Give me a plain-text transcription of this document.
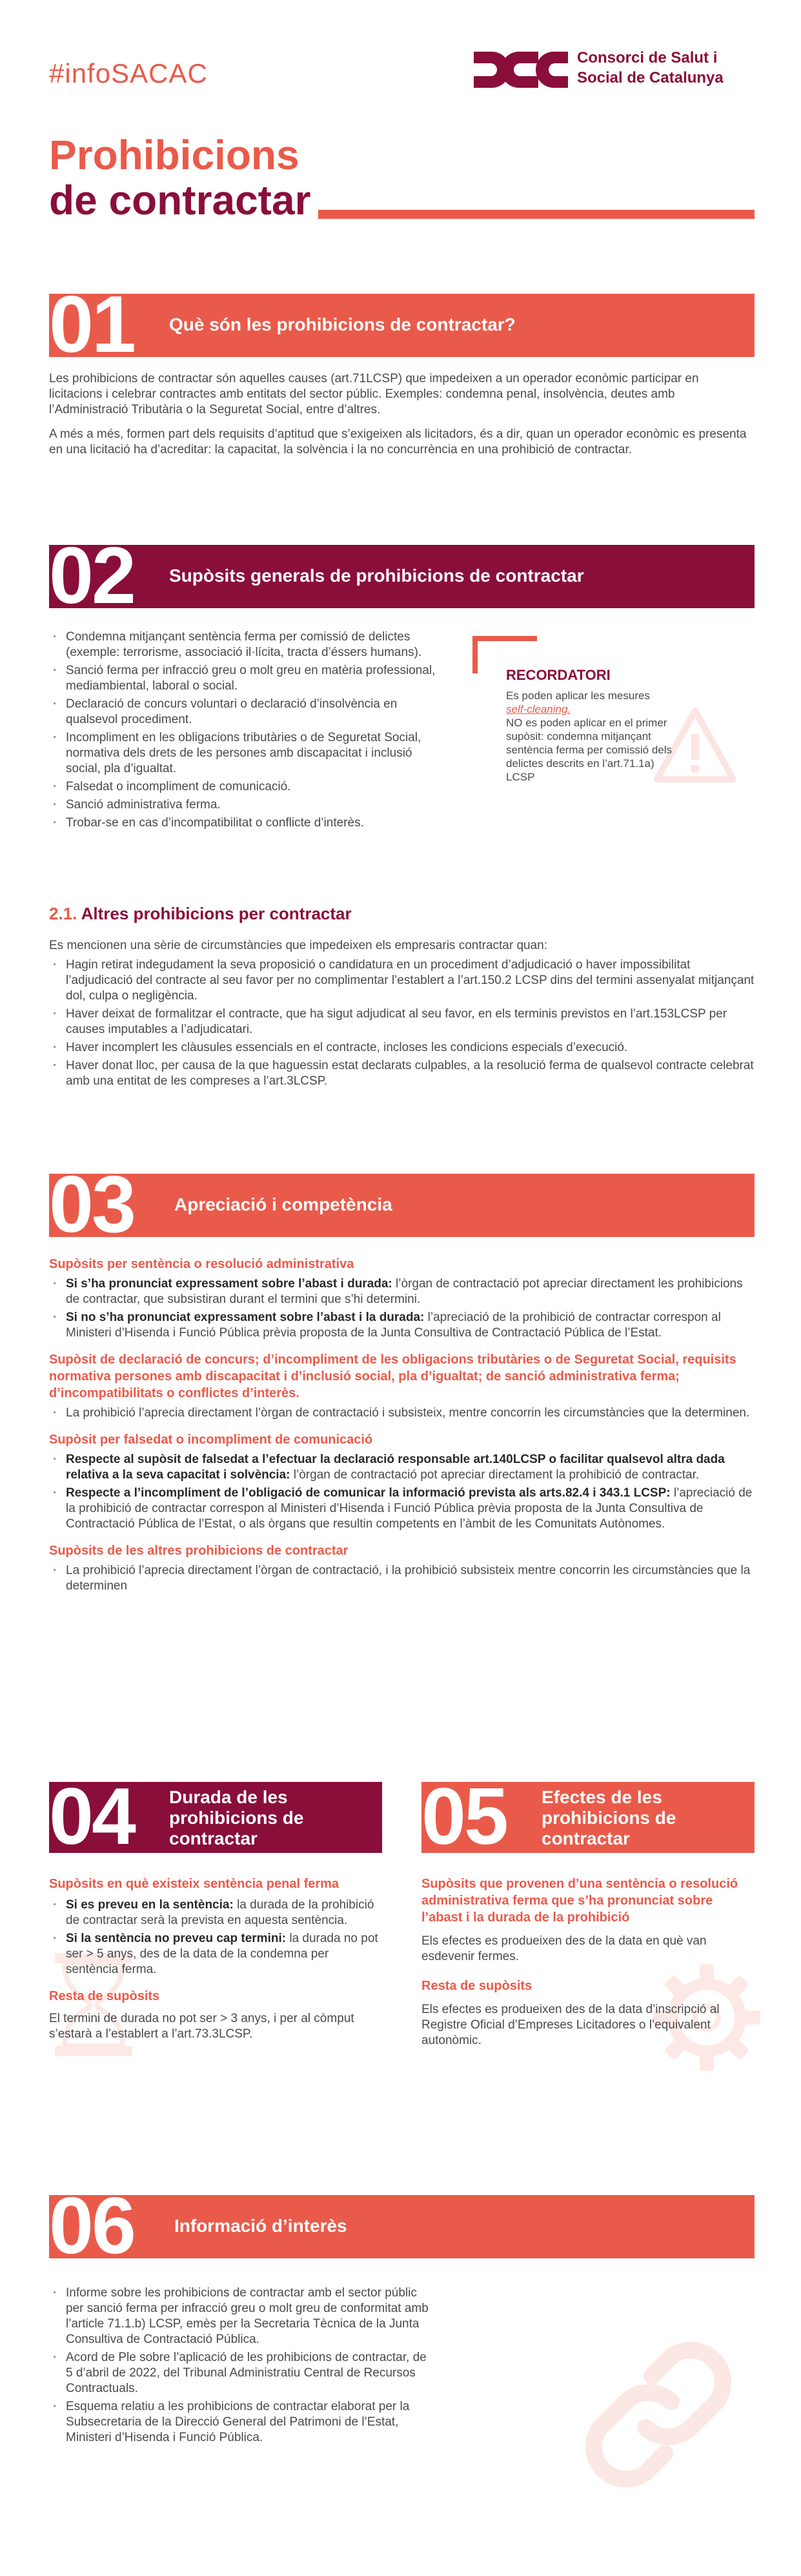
#infoSACAC
Consorci de Salut i
Social de Catalunya
Prohibicions
de contractar
01 Què són les prohibicions de contractar?

Les prohibicions de contractar són aquelles causes (art.71LCSP) que impedeixen a un operador econòmic participar en licitacions i celebrar contractes amb entitats del sector públic. Exemples: condemna penal, insolvència, deutes amb l’Administració Tributària o la Seguretat Social, entre d’altres.

A més a més, formen part dels requisits d’aptitud que s’exigeixen als licitadors, és a dir, quan un operador econòmic es presenta en una licitació ha d’acreditar: la capacitat, la solvència i la no concurrència en una prohibició de contractar.

02 Supòsits generals de prohibicions de contractar
· Condemna mitjançant sentència ferma per comissió de delictes (exemple: terrorisme, associació il·lícita, tracta d’éssers humans).
· Sanció ferma per infracció greu o molt greu en matèria professional, mediambiental, laboral o social.
· Declaració de concurs voluntari o declaració d’insolvència en qualsevol procediment.
· Incompliment en les obligacions tributàries o de Seguretat Social, normativa dels drets de les persones amb discapacitat i inclusió social, pla d’igualtat.
· Falsedat o incompliment de comunicació.
· Sanció administrativa ferma.
· Trobar-se en cas d’incompatibilitat o conflicte d’interès.
RECORDATORI
Es poden aplicar les mesures
self-cleaning.
NO es poden aplicar en el primer supòsit: condemna mitjançant sentència ferma per comissió dels delictes descrits en l’art.71.1a) LCSP
2.1. Altres prohibicions per contractar

Es mencionen una sèrie de circumstàncies que impedeixen els empresaris contractar quan:

· Hagin retirat indegudament la seva proposició o candidatura en un procediment d’adjudicació o haver impossibilitat l’adjudicació del contracte al seu favor per no complimentar l’establert a l’art.150.2 LCSP dins del termini assenyalat mitjançant dol, culpa o negligència.
· Haver deixat de formalitzar el contracte, que ha sigut adjudicat al seu favor, en els terminis previstos en l’art.153LCSP per causes imputables a l’adjudicatari.
· Haver incomplert les clàusules essencials en el contracte, incloses les condicions especials d’execució.
· Haver donat lloc, per causa de la que haguessin estat declarats culpables, a la resolució ferma de qualsevol contracte celebrat amb una entitat de les compreses a l’art.3LCSP.
03 Apreciació i competència
Supòsits per sentència o resolució administrativa
· Si s’ha pronunciat expressament sobre l’abast i durada: l’òrgan de contractació pot apreciar directament les prohibicions de contractar, que subsistiran durant el termini que s’hi determini.
· Si no s’ha pronunciat expressament sobre l’abast i la durada: l’apreciació de la prohibició de contractar correspon al Ministeri d’Hisenda i Funció Pública prèvia proposta de la Junta Consultiva de Contractació Pública de l’Estat.
Supòsit de declaració de concurs; d’incompliment de les obligacions tributàries o de Seguretat Social, requisits normativa persones amb discapacitat i d’inclusió social, pla d’igualtat; de sanció administrativa ferma; d’incompatibilitats o conflictes d’interès.
· La prohibició l’aprecia directament l’òrgan de contractació i subsisteix, mentre concorrin les circumstàncies que la determinen.
Supòsit per falsedat o incompliment de comunicació
· Respecte al supòsit de falsedat a l’efectuar la declaració responsable art.140LCSP o facilitar qualsevol altra dada relativa a la seva capacitat i solvència: l’òrgan de contractació pot apreciar directament la prohibició de contractar.
· Respecte a l’incompliment de l’obligació de comunicar la informació prevista als arts.82.4 i 343.1 LCSP: l’apreciació de la prohibició de contractar correspon al Ministeri d’Hisenda i Funció Pública prèvia proposta de la Junta Consultiva de Contractació Pública de l’Estat, o als òrgans que resultin competents en l’àmbit de les Comunitats Autònomes.
Supòsits de les altres prohibicions de contractar
· La prohibició l’aprecia directament l’òrgan de contractació, i la prohibició subsisteix mentre concorrin les circumstàncies que la determinen
04 Durada de les
prohibicions de
contractar
Supòsits en què existeix sentència penal ferma
· Si es preveu en la sentència: la durada de la prohibició de contractar serà la prevista en aquesta sentència.
· Si la sentència no preveu cap termini: la durada no pot ser > 5 anys, des de la data de la condemna per sentència ferma.
Resta de supòsits

El termini de durada no pot ser > 3 anys, i per al còmput s’estarà a l’establert a l’art.73.3LCSP.

05 Efectes de les
prohibicions de
contractar
Supòsits que provenen d’una sentència o resolució administrativa ferma que s’ha pronunciat sobre l’abast i la durada de la prohibició

Els efectes es produeixen des de la data en què van esdevenir fermes.

Resta de supòsits

Els efectes es produeixen des de la data d’inscripció al Registre Oficial d’Empreses Licitadores o l’equivalent autonòmic.

06 Informació d’interès
· Informe sobre les prohibicions de contractar amb el sector públic per sanció ferma per infracció greu o molt greu de conformitat amb l’article 71.1.b) LCSP, emès per la Secretaria Tècnica de la Junta Consultiva de Contractació Pública.
· Acord de Ple sobre l’aplicació de les prohibicions de contractar, de 5 d’abril de 2022, del Tribunal Administratiu Central de Recursos Contractuals.
· Esquema relatiu a les prohibicions de contractar elaborat per la Subsecretaria de la Direcció General del Patrimoni de l’Estat, Ministeri d’Hisenda i Funció Pública.
